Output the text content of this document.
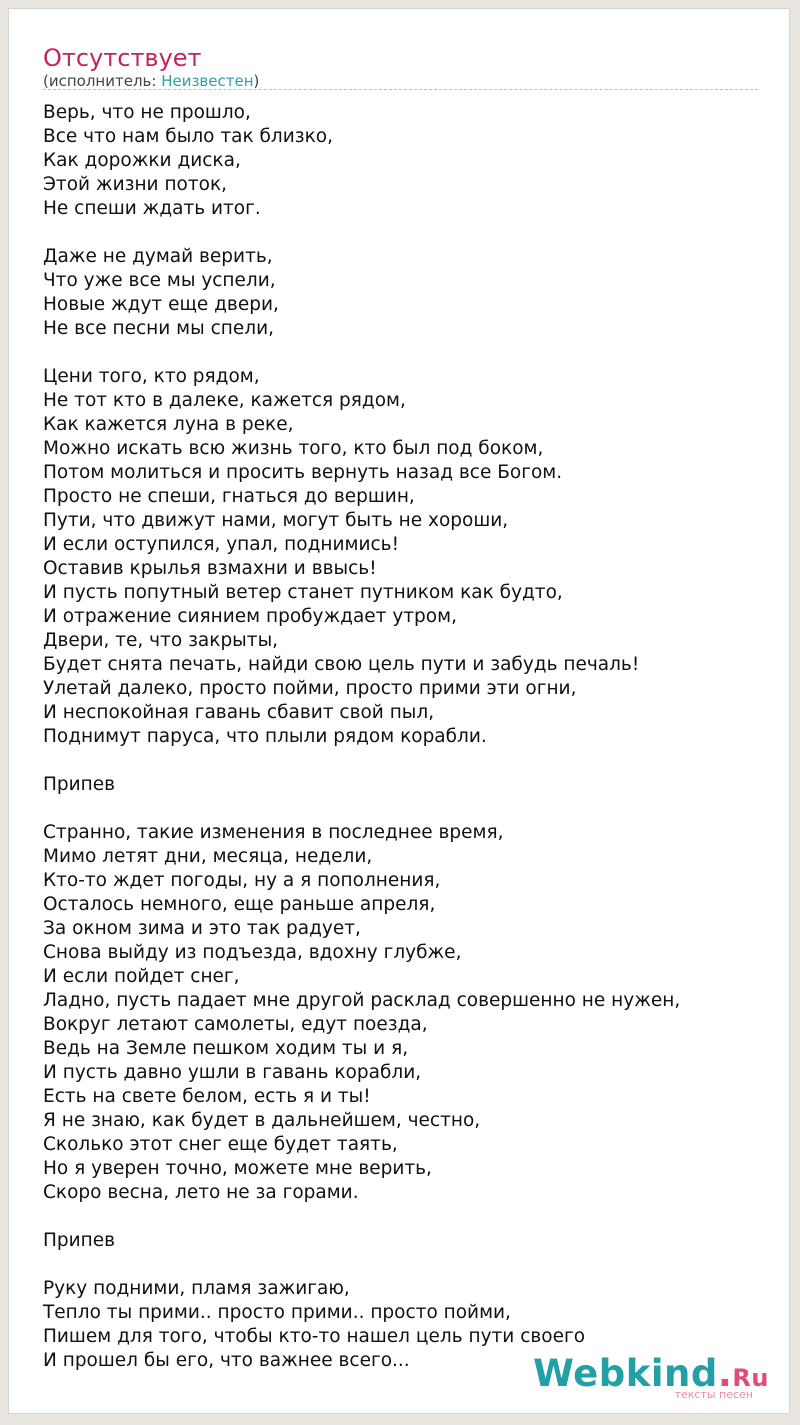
Отсутствует
(исполнитель: Неизвестен)
Верь, что не прошло,
Все что нам было так близко,
Как дорожки диска,
Этой жизни поток,
Не спеши ждать итог.
Даже не думай верить,
Что уже все мы успели,
Новые ждут еще двери,
Не все песни мы спели,
Цени того, кто рядом,
Не тот кто в далеке, кажется рядом,
Как кажется луна в реке,
Можно искать всю жизнь того, кто был под боком,
Потом молиться и просить вернуть назад все Богом.
Просто не спеши, гнаться до вершин,
Пути, что движут нами, могут быть не хороши,
И если оступился, упал, поднимись!
Оставив крылья взмахни и ввысь!
И пусть попутный ветер станет путником как будто,
И отражение сиянием пробуждает утром,
Двери, те, что закрыты,
Будет снята печать, найди свою цель пути и забудь печаль!
Улетай далеко, просто пойми, просто прими эти огни,
И неспокойная гавань сбавит свой пыл,
Поднимут паруса, что плыли рядом корабли.
Припев
Странно, такие изменения в последнее время,
Мимо летят дни, месяца, недели,
Кто-то ждет погоды, ну а я пополнения,
Осталось немного, еще раньше апреля,
За окном зима и это так радует,
Снова выйду из подъезда, вдохну глубже,
И если пойдет снег,
Ладно, пусть падает мне другой расклад совершенно не нужен,
Вокруг летают самолеты, едут поезда,
Ведь на Земле пешком ходим ты и я,
И пусть давно ушли в гавань корабли,
Есть на свете белом, есть я и ты!
Я не знаю, как будет в дальнейшем, честно,
Сколько этот снег еще будет таять,
Но я уверен точно, можете мне верить,
Скоро весна, лето не за горами.
Припев
Руку подними, пламя зажигаю,
Тепло ты прими.. просто прими.. просто пойми,
Пишем для того, чтобы кто-то нашел цель пути своего
И прошел бы его, что важнее всего...	Webkind.Ru
тексты песен
